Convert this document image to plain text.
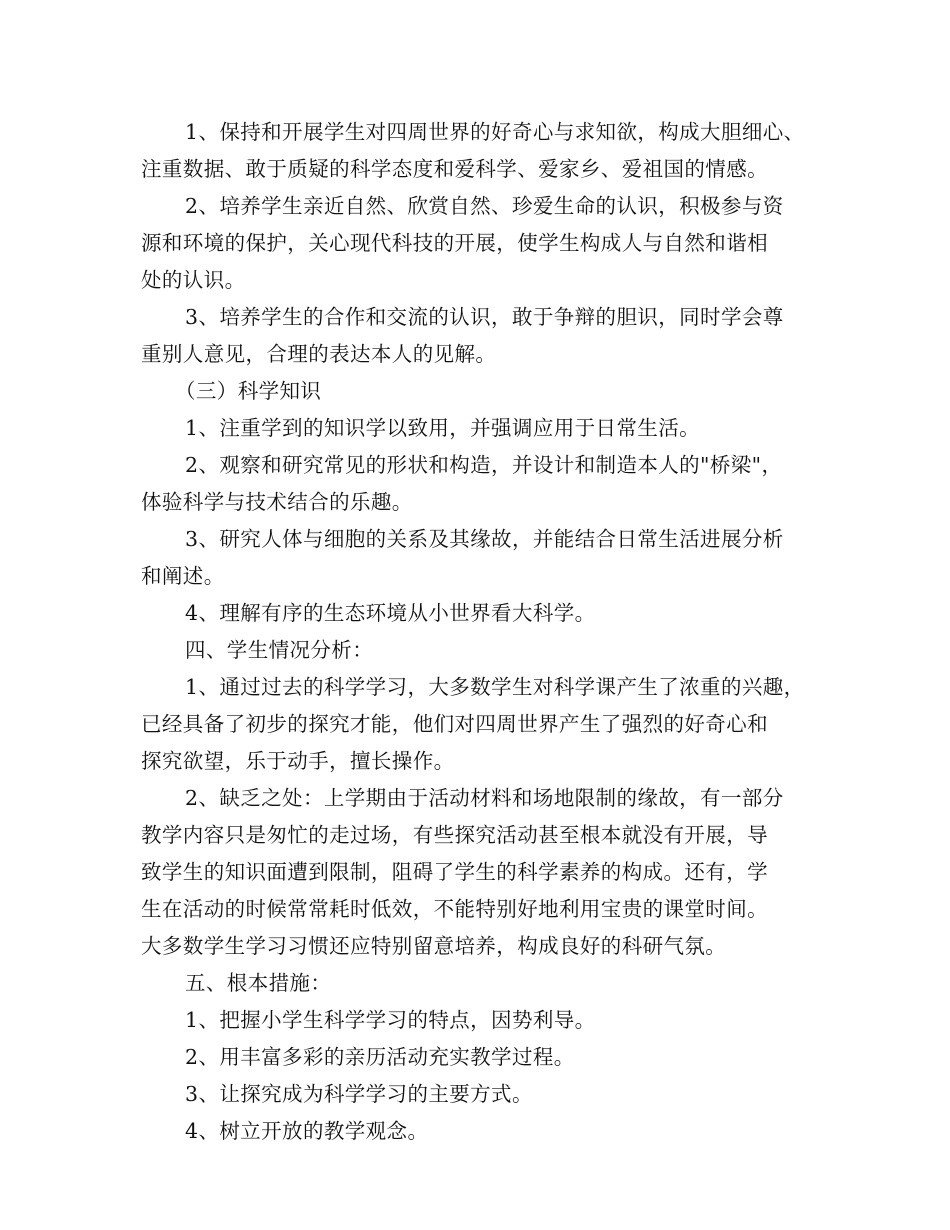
1、保持和开展学生对四周世界的好奇心与求知欲，构成大胆细心、
注重数据、敢于质疑的科学态度和爱科学、爱家乡、爱祖国的情感。
2、培养学生亲近自然、欣赏自然、珍爱生命的认识，积极参与资
源和环境的保护，关心现代科技的开展，使学生构成人与自然和谐相
处的认识。
3、培养学生的合作和交流的认识，敢于争辩的胆识，同时学会尊
重别人意见，合理的表达本人的见解。
（三）科学知识
1、注重学到的知识学以致用，并强调应用于日常生活。
2、观察和研究常见的形状和构造，并设计和制造本人的"桥梁"，
体验科学与技术结合的乐趣。
3、研究人体与细胞的关系及其缘故，并能结合日常生活进展分析
和阐述。
4、理解有序的生态环境从小世界看大科学。
四、学生情况分析：
1、通过过去的科学学习，大多数学生对科学课产生了浓重的兴趣，
已经具备了初步的探究才能，他们对四周世界产生了强烈的好奇心和
探究欲望，乐于动手，擅长操作。
2、缺乏之处：上学期由于活动材料和场地限制的缘故，有一部分
教学内容只是匆忙的走过场，有些探究活动甚至根本就没有开展，导
致学生的知识面遭到限制，阻碍了学生的科学素养的构成。还有，学
生在活动的时候常常耗时低效，不能特别好地利用宝贵的课堂时间。
大多数学生学习习惯还应特别留意培养，构成良好的科研气氛。
五、根本措施：
1、把握小学生科学学习的特点，因势利导。
2、用丰富多彩的亲历活动充实教学过程。
3、让探究成为科学学习的主要方式。
4、树立开放的教学观念。
